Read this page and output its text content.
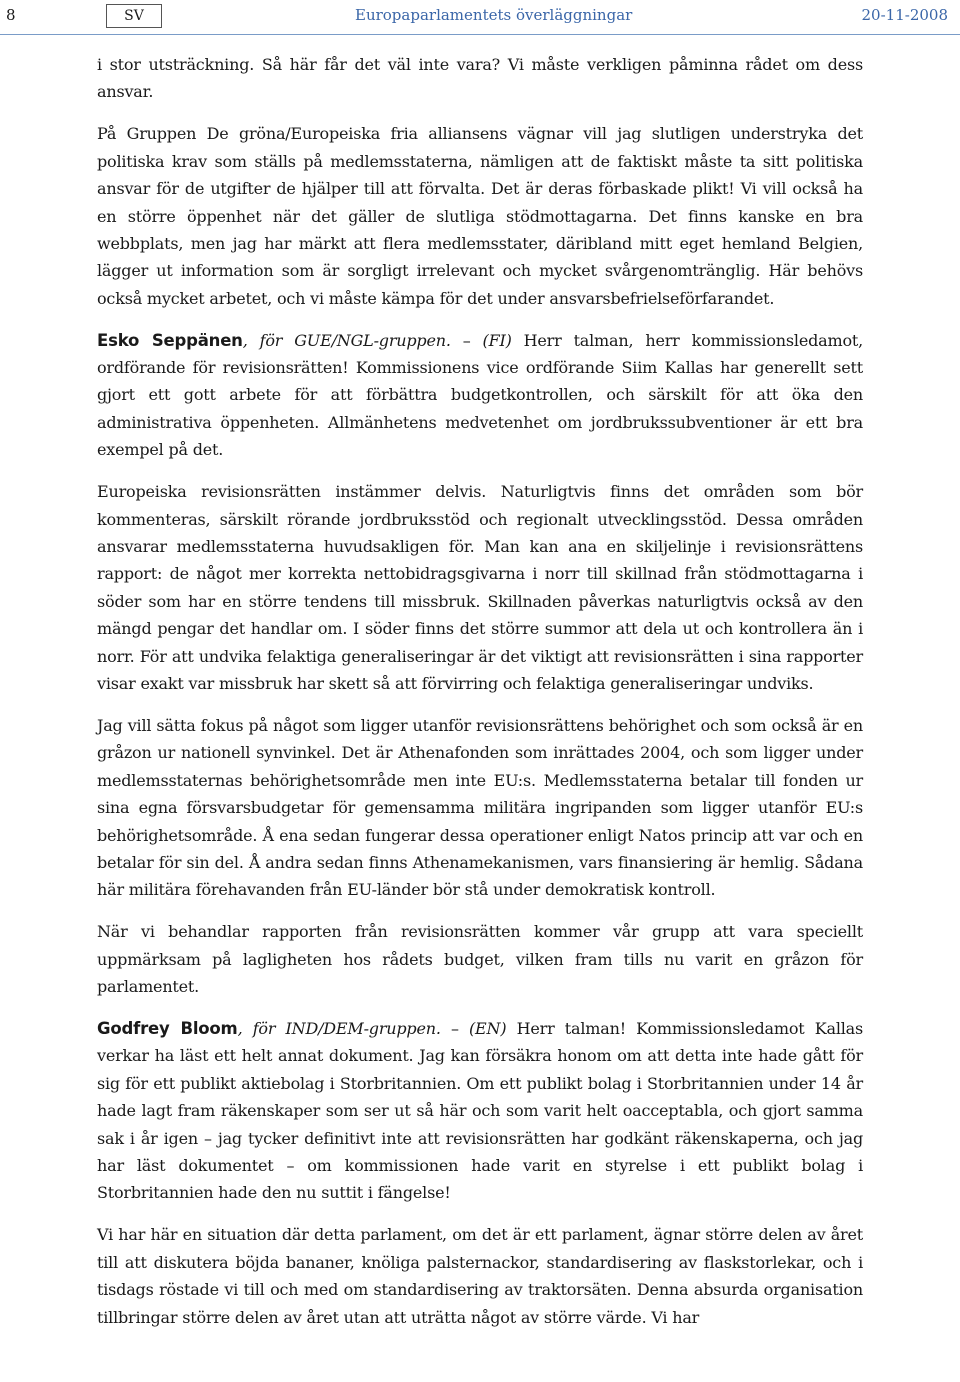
8	SV	Europaparlamentets överläggningar	20-11-2008

i stor utsträckning. Så här får det väl inte vara? Vi måste verkligen påminna rådet om dess ansvar.

På Gruppen De gröna/Europeiska fria alliansens vägnar vill jag slutligen understryka det politiska krav som ställs på medlemsstaterna, nämligen att de faktiskt måste ta sitt politiska ansvar för de utgifter de hjälper till att förvalta. Det är deras förbaskade plikt! Vi vill också ha en större öppenhet när det gäller de slutliga stödmottagarna. Det finns kanske en bra webbplats, men jag har märkt att flera medlemsstater, däribland mitt eget hemland Belgien, lägger ut information som är sorgligt irrelevant och mycket svårgenomtränglig. Här behövs också mycket arbetet, och vi måste kämpa för det under ansvarsbefrielseförfarandet.

Esko Seppänen, för GUE/NGL-gruppen. – (FI) Herr talman, herr kommissionsledamot, ordförande för revisionsrätten! Kommissionens vice ordförande Siim Kallas har generellt sett gjort ett gott arbete för att förbättra budgetkontrollen, och särskilt för att öka den administrativa öppenheten. Allmänhetens medvetenhet om jordbrukssubventioner är ett bra exempel på det.

Europeiska revisionsrätten instämmer delvis. Naturligtvis finns det områden som bör kommenteras, särskilt rörande jordbruksstöd och regionalt utvecklingsstöd. Dessa områden ansvarar medlemsstaterna huvudsakligen för. Man kan ana en skiljelinje i revisionsrättens rapport: de något mer korrekta nettobidragsgivarna i norr till skillnad från stödmottagarna i söder som har en större tendens till missbruk. Skillnaden påverkas naturligtvis också av den mängd pengar det handlar om. I söder finns det större summor att dela ut och kontrollera än i norr. För att undvika felaktiga generaliseringar är det viktigt att revisionsrätten i sina rapporter visar exakt var missbruk har skett så att förvirring och felaktiga generaliseringar undviks.

Jag vill sätta fokus på något som ligger utanför revisionsrättens behörighet och som också är en gråzon ur nationell synvinkel. Det är Athenafonden som inrättades 2004, och som ligger under medlemsstaternas behörighetsområde men inte EU:s. Medlemsstaterna betalar till fonden ur sina egna försvarsbudgetar för gemensamma militära ingripanden som ligger utanför EU:s behörighetsområde. Å ena sedan fungerar dessa operationer enligt Natos princip att var och en betalar för sin del. Å andra sedan finns Athenamekanismen, vars finansiering är hemlig. Sådana här militära förehavanden från EU-länder bör stå under demokratisk kontroll.

När vi behandlar rapporten från revisionsrätten kommer vår grupp att vara speciellt uppmärksam på lagligheten hos rådets budget, vilken fram tills nu varit en gråzon för parlamentet.

Godfrey Bloom, för IND/DEM-gruppen. – (EN) Herr talman! Kommissionsledamot Kallas verkar ha läst ett helt annat dokument. Jag kan försäkra honom om att detta inte hade gått för sig för ett publikt aktiebolag i Storbritannien. Om ett publikt bolag i Storbritannien under 14 år hade lagt fram räkenskaper som ser ut så här och som varit helt oacceptabla, och gjort samma sak i år igen – jag tycker definitivt inte att revisionsrätten har godkänt räkenskaperna, och jag har läst dokumentet – om kommissionen hade varit en styrelse i ett publikt bolag i Storbritannien hade den nu suttit i fängelse!

Vi har här en situation där detta parlament, om det är ett parlament, ägnar större delen av året till att diskutera böjda bananer, knöliga palsternackor, standardisering av flaskstorlekar, och i tisdags röstade vi till och med om standardisering av traktorsäten. Denna absurda organisation tillbringar större delen av året utan att uträtta något av större värde. Vi har
